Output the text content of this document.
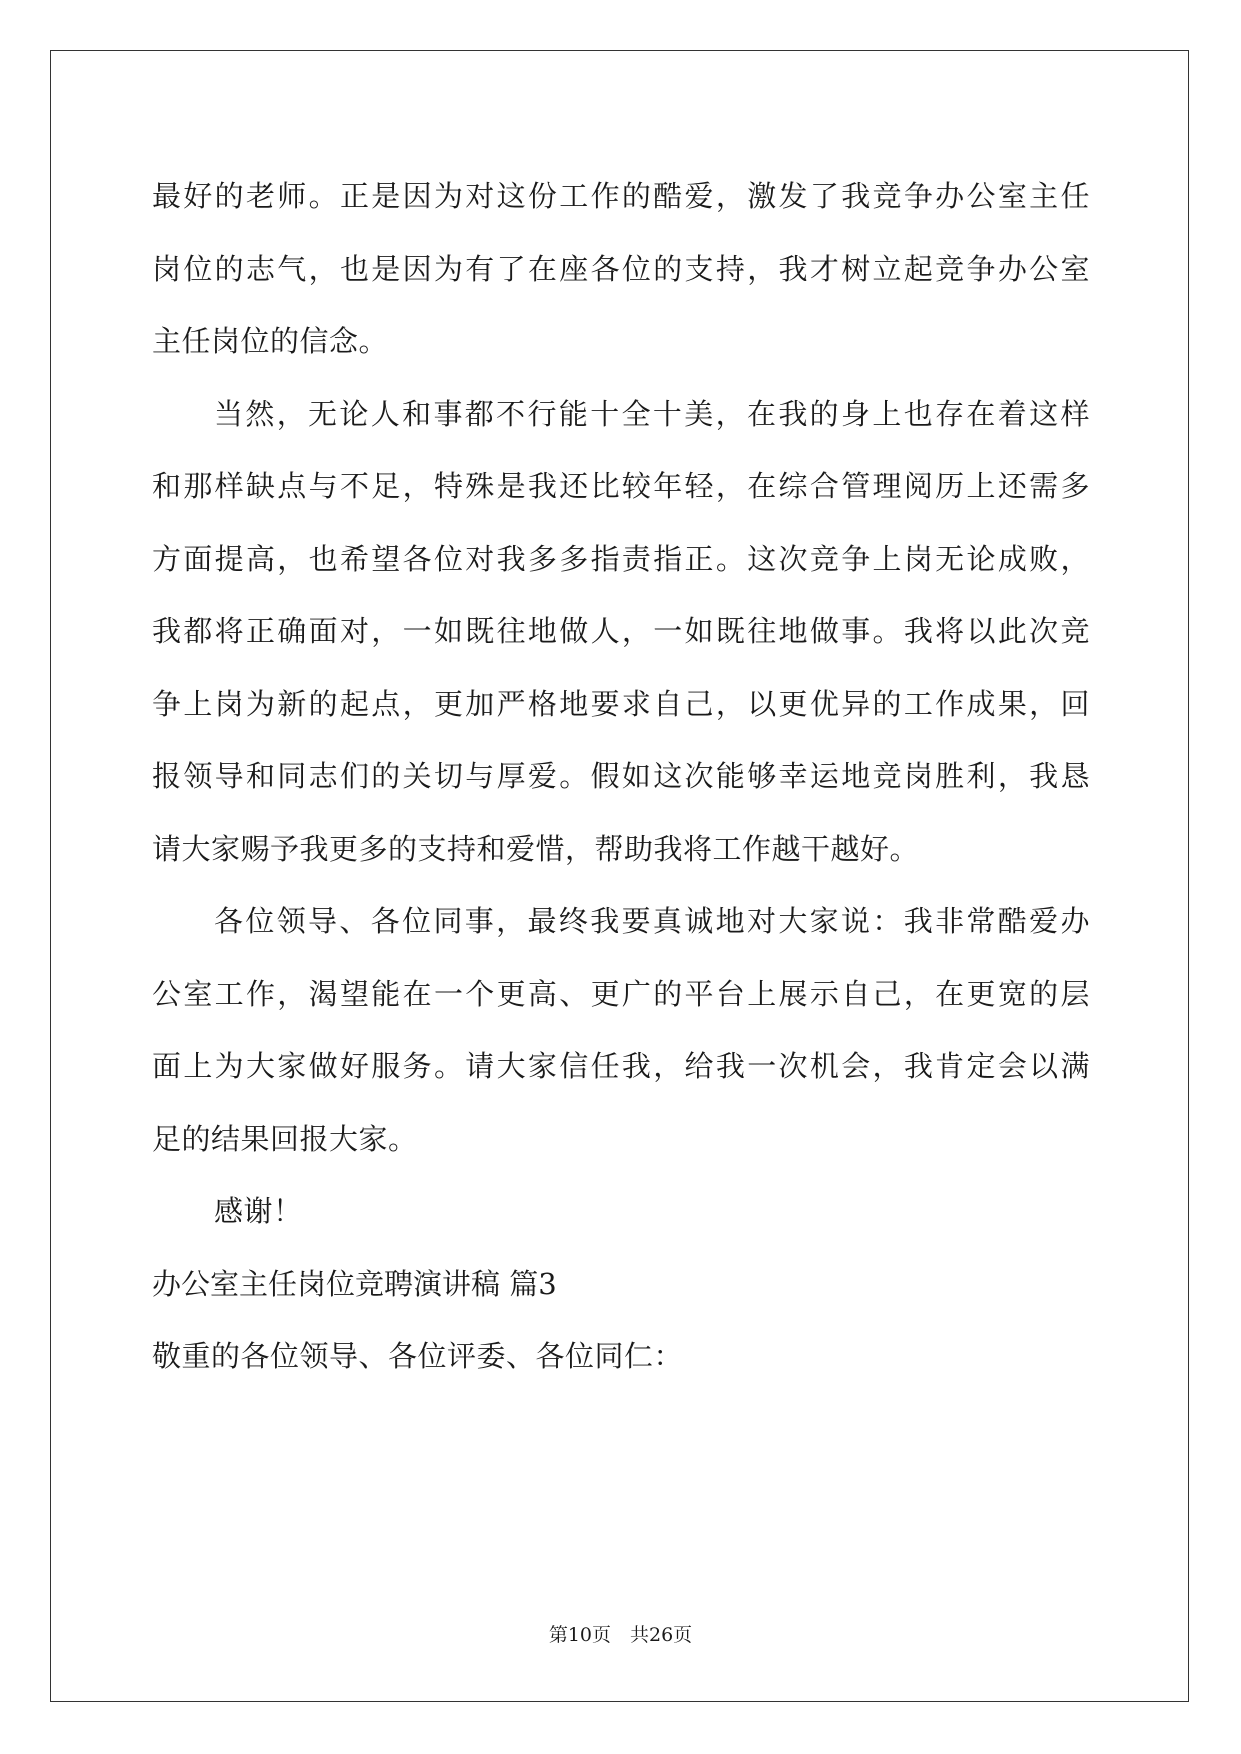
最好的老师。正是因为对这份工作的酷爱，激发了我竞争办公室主任
岗位的志气，也是因为有了在座各位的支持，我才树立起竞争办公室
主任岗位的信念。
当然，无论人和事都不行能十全十美，在我的身上也存在着这样
和那样缺点与不足，特殊是我还比较年轻，在综合管理阅历上还需多
方面提高，也希望各位对我多多指责指正。这次竞争上岗无论成败，
我都将正确面对，一如既往地做人，一如既往地做事。我将以此次竞
争上岗为新的起点，更加严格地要求自己，以更优异的工作成果，回
报领导和同志们的关切与厚爱。假如这次能够幸运地竞岗胜利，我恳
请大家赐予我更多的支持和爱惜，帮助我将工作越干越好。
各位领导、各位同事，最终我要真诚地对大家说：我非常酷爱办
公室工作，渴望能在一个更高、更广的平台上展示自己，在更宽的层
面上为大家做好服务。请大家信任我，给我一次机会，我肯定会以满
足的结果回报大家。
感谢！
办公室主任岗位竞聘演讲稿 篇3
敬重的各位领导、各位评委、各位同仁：
第10页　共26页
